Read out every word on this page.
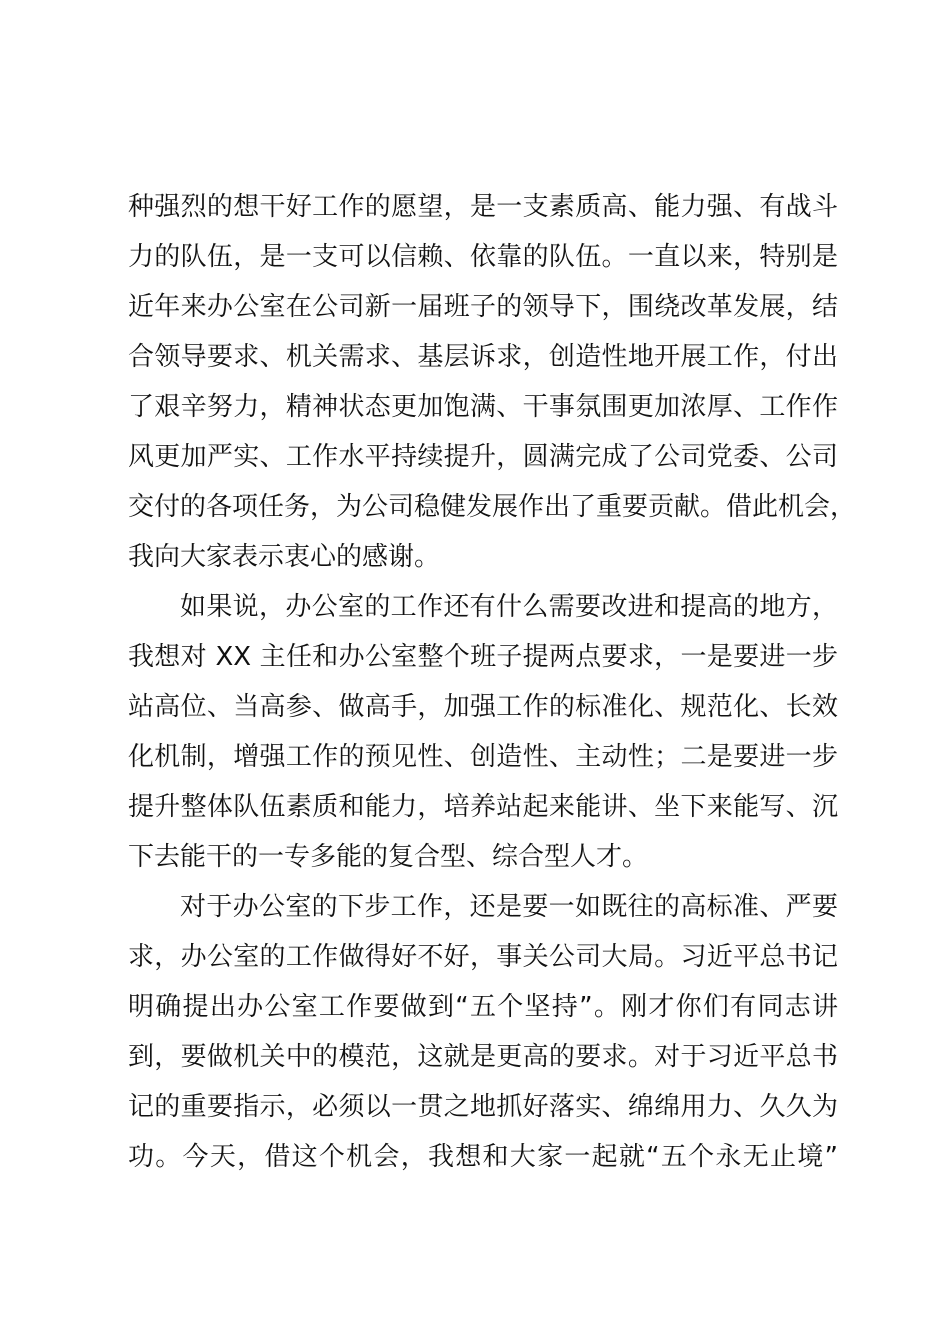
种强烈的想干好工作的愿望，是一支素质高、能力强、有战斗
力的队伍，是一支可以信赖、依靠的队伍。一直以来，特别是
近年来办公室在公司新一届班子的领导下，围绕改革发展，结
合领导要求、机关需求、基层诉求，创造性地开展工作，付出
了艰辛努力，精神状态更加饱满、干事氛围更加浓厚、工作作
风更加严实、工作水平持续提升，圆满完成了公司党委、公司
交付的各项任务，为公司稳健发展作出了重要贡献。借此机会，
我向大家表示衷心的感谢。
如果说，办公室的工作还有什么需要改进和提高的地方，
我想对 XX 主任和办公室整个班子提两点要求，一是要进一步
站高位、当高参、做高手，加强工作的标准化、规范化、长效
化机制，增强工作的预见性、创造性、主动性；二是要进一步
提升整体队伍素质和能力，培养站起来能讲、坐下来能写、沉
下去能干的一专多能的复合型、综合型人才。
对于办公室的下步工作，还是要一如既往的高标准、严要
求，办公室的工作做得好不好，事关公司大局。习近平总书记
明确提出办公室工作要做到“五个坚持”。刚才你们有同志讲
到，要做机关中的模范，这就是更高的要求。对于习近平总书
记的重要指示，必须以一贯之地抓好落实、绵绵用力、久久为
功。今天，借这个机会，我想和大家一起就“五个永无止境”
